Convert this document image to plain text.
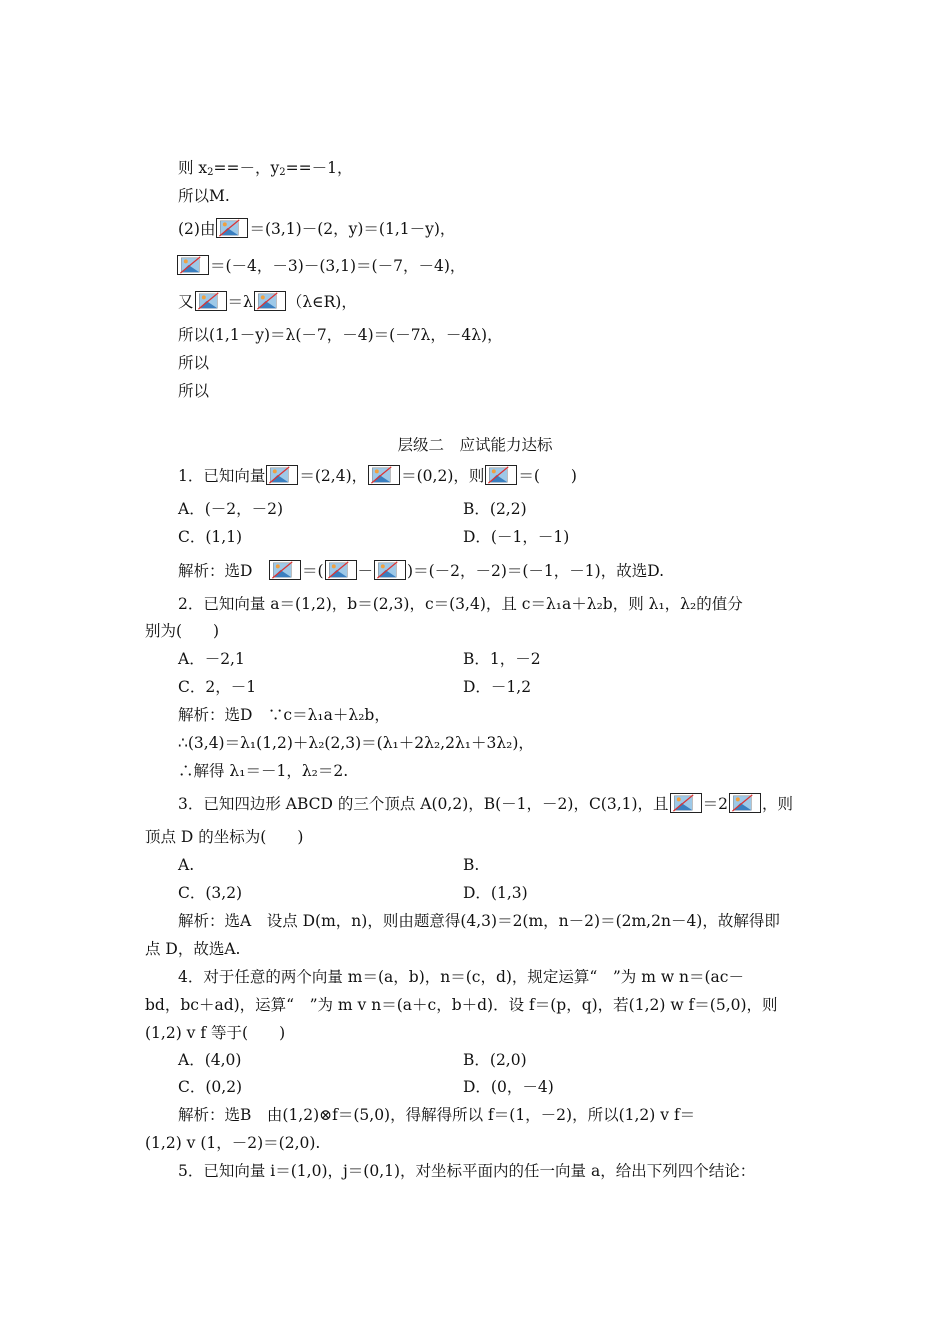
则 $x_2==-$，$y_2==-1$，
所以M.
(2)由 ＝(3,1)－(2，y)＝(1,1－y)，
＝(－4，－3)－(3,1)＝(－7，－4)，
又 ＝λ （λ∈R)，
所以(1,1－y)＝λ(－7，－4)＝(－7λ，－4λ)，
所以
所以
层级二　应试能力达标
1．已知向量 ＝(2,4)， ＝(0,2)，则 ＝(　　)
A．(－2，－2)	B．(2,2)
C．(1,1)	D．(－1，－1)
解析：选D　
＝( － )＝(－2，－2)＝(－1，－1)，故选D.
2．已知向量 a＝(1,2)，b＝(2,3)，c＝(3,4)，且 c＝λ₁a＋λ₂b，则 λ₁，λ₂的值分
别为(　　)
A．－2,1	B．1，－2
C．2，－1	D．－1,2
解析：选D　∵c＝λ₁a＋λ₂b，
∴(3,4)＝λ₁(1,2)＋λ₂(2,3)＝(λ₁＋2λ₂,2λ₁＋3λ₂)，
∴解得 λ₁＝－1，λ₂＝2.
3．已知四边形 ABCD 的三个顶点 A(0,2)，B(－1，－2)，C(3,1)，且 ＝2 ，则
顶点 D 的坐标为(　　)
A.	B.
C．(3,2)	D．(1,3)
解析：选A　设点 D(m，n)，则由题意得(4,3)＝2(m，n－2)＝(2m,2n－4)，故解得即
点 D，故选A.
4．对于任意的两个向量 m＝(a，b)，n＝(c，d)，规定运算“　”为 m w n＝(ac－
bd，bc＋ad)，运算“　”为 m v n＝(a＋c，b＋d)．设 f＝(p，q)，若(1,2) w f＝(5,0)，则
(1,2) v f 等于(　　)
A．(4,0)	B．(2,0)
C．(0,2)	D．(0，－4)
解析：选B　由(1,2)⊗f＝(5,0)，得解得所以 f＝(1，－2)，所以(1,2) v f＝
(1,2) v (1，－2)＝(2,0).
5．已知向量 i＝(1,0)，j＝(0,1)，对坐标平面内的任一向量 a，给出下列四个结论：
